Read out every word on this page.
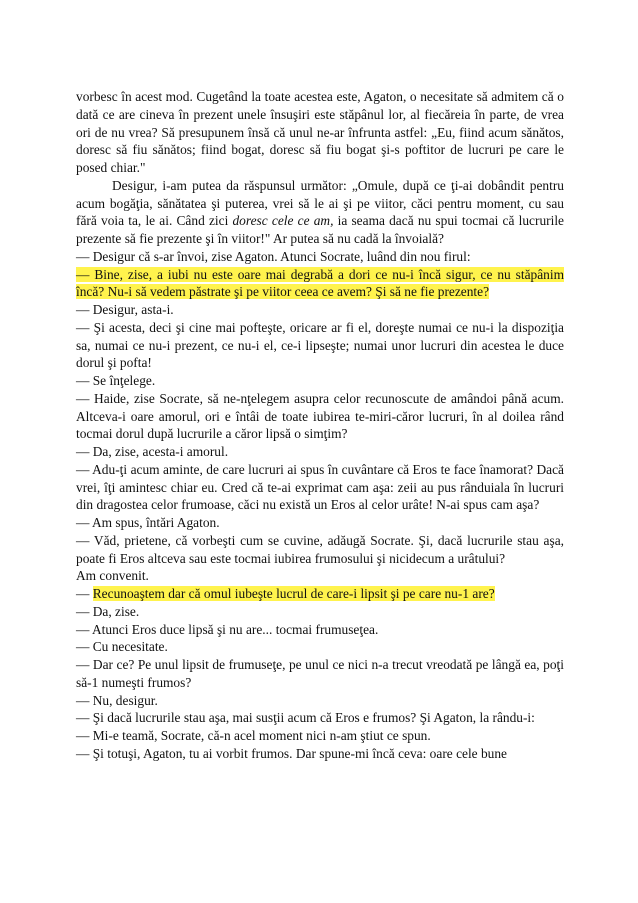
vorbesc în acest mod. Cugetând la toate acestea este, Agaton, o necesitate să admitem că o dată ce are cineva în prezent unele însuşiri este stăpânul lor, al fiecăreia în parte, de vrea ori de nu vrea? Să presupunem însă că unul ne-ar înfrunta astfel: „Eu, fiind acum sănătos, doresc să fiu sănătos; fiind bogat, doresc să fiu bogat şi-s poftitor de lucruri pe care le posed chiar."

Desigur, i-am putea da răspunsul următor: „Omule, după ce ţi-ai dobândit pentru acum bogăţia, sănătatea şi puterea, vrei să le ai şi pe viitor, căci pentru moment, cu sau fără voia ta, le ai. Când zici doresc cele ce am, ia seama dacă nu spui tocmai că lucrurile prezente să fie prezente şi în viitor!" Ar putea să nu cadă la învoială?

— Desigur că s-ar învoi, zise Agaton. Atunci Socrate, luând din nou firul:

— Bine, zise, a iubi nu este oare mai degrabă a dori ce nu-i încă sigur, ce nu stăpânim încă? Nu-i să vedem păstrate şi pe viitor ceea ce avem? Şi să ne fie prezente?

— Desigur, asta-i.

— Şi acesta, deci şi cine mai pofteşte, oricare ar fi el, doreşte numai ce nu-i la dispoziţia sa, numai ce nu-i prezent, ce nu-i el, ce-i lipseşte; numai unor lucruri din acestea le duce dorul şi pofta!

— Se înţelege.

— Haide, zise Socrate, să ne-nţelegem asupra celor recunoscute de amândoi până acum. Altceva-i oare amorul, ori e întâi de toate iubirea te-miri-căror lucruri, în al doilea rând tocmai dorul după lucrurile a căror lipsă o simţim?

— Da, zise, acesta-i amorul.

— Adu-ţi acum aminte, de care lucruri ai spus în cuvântare că Eros te face înamorat? Dacă vrei, îţi amintesc chiar eu. Cred că te-ai exprimat cam aşa: zeii au pus rânduiala în lucruri din dragostea celor frumoase, căci nu există un Eros al celor urâte! N-ai spus cam aşa?

— Am spus, întări Agaton.

— Văd, prietene, că vorbeşti cum se cuvine, adăugă Socrate. Şi, dacă lucrurile stau aşa, poate fi Eros altceva sau este tocmai iubirea frumosului şi nicidecum a urâtului?

Am convenit.

— Recunoaştem dar că omul iubeşte lucrul de care-i lipsit şi pe care nu-1 are?

— Da, zise.

— Atunci Eros duce lipsă şi nu are... tocmai frumuseţea.

— Cu necesitate.

— Dar ce? Pe unul lipsit de frumuseţe, pe unul ce nici n-a trecut vreodată pe lângă ea, poţi să-1 numeşti frumos?

— Nu, desigur.

— Şi dacă lucrurile stau aşa, mai susţii acum că Eros e frumos? Şi Agaton, la rându-i:

— Mi-e teamă, Socrate, că-n acel moment nici n-am ştiut ce spun.

— Şi totuşi, Agaton, tu ai vorbit frumos. Dar spune-mi încă ceva: oare cele bune
